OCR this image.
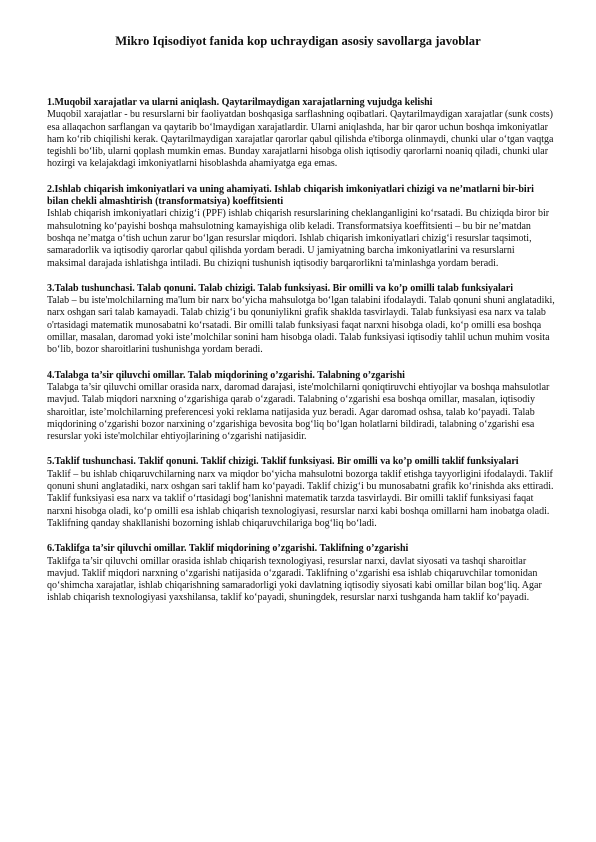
Mikro Iqisodiyot fanida kop uchraydigan asosiy savollarga javoblar

1.Muqobil xarajatlar va ularni aniqlash. Qaytarilmaydigan xarajatlarning vujudga kelishi

Muqobil xarajatlar - bu resurslarni bir faoliyatdan boshqasiga sarflashning oqibatlari. Qaytarilmaydigan xarajatlar (sunk costs) esa allaqachon sarflangan va qaytarib bo‘lmaydigan xarajatlardir. Ularni aniqlashda, har bir qaror uchun boshqa imkoniyatlar ham ko‘rib chiqilishi kerak. Qaytarilmaydigan xarajatlar qarorlar qabul qilishda e'tiborga olinmaydi, chunki ular o‘tgan vaqtga tegishli bo‘lib, ularni qoplash mumkin emas. Bunday xarajatlarni hisobga olish iqtisodiy qarorlarni noaniq qiladi, chunki ular hozirgi va kelajakdagi imkoniyatlarni hisoblashda ahamiyatga ega emas.

2.Ishlab chiqarish imkoniyatlari va uning ahamiyati. Ishlab chiqarish imkoniyatlari chizigi va ne’matlarni bir-biri bilan chekli almashtirish (transformatsiya) koeffitsienti

Ishlab chiqarish imkoniyatlari chizig‘i (PPF) ishlab chiqarish resurslarining cheklanganligini ko‘rsatadi. Bu chiziqda biror bir mahsulotning ko‘payishi boshqa mahsulotning kamayishiga olib keladi. Transformatsiya koeffitsienti – bu bir ne’matdan boshqa ne’matga o‘tish uchun zarur bo‘lgan resurslar miqdori. Ishlab chiqarish imkoniyatlari chizig‘i resurslar taqsimoti, samaradorlik va iqtisodiy qarorlar qabul qilishda yordam beradi. U jamiyatning barcha imkoniyatlarini va resurslarni maksimal darajada ishlatishga intiladi. Bu chiziqni tushunish iqtisodiy barqarorlikni ta'minlashga yordam beradi.

3.Talab tushunchasi. Talab qonuni. Talab chizigi. Talab funksiyasi. Bir omilli va ko’p omilli talab funksiyalari

Talab – bu iste'molchilarning ma'lum bir narx bo‘yicha mahsulotga bo‘lgan talabini ifodalaydi. Talab qonuni shuni anglatadiki, narx oshgan sari talab kamayadi. Talab chizig‘i bu qonuniylikni grafik shaklda tasvirlaydi. Talab funksiyasi esa narx va talab o'rtasidagi matematik munosabatni ko‘rsatadi. Bir omilli talab funksiyasi faqat narxni hisobga oladi, ko‘p omilli esa boshqa omillar, masalan, daromad yoki iste’molchilar sonini ham hisobga oladi. Talab funksiyasi iqtisodiy tahlil uchun muhim vosita bo‘lib, bozor sharoitlarini tushunishga yordam beradi.

4.Talabga ta’sir qiluvchi omillar. Talab miqdorining o’zgarishi. Talabning o’zgarishi

Talabga ta’sir qiluvchi omillar orasida narx, daromad darajasi, iste'molchilarni qoniqtiruvchi ehtiyojlar va boshqa mahsulotlar mavjud. Talab miqdori narxning o‘zgarishiga qarab o‘zgaradi. Talabning o‘zgarishi esa boshqa omillar, masalan, iqtisodiy sharoitlar, iste’molchilarning preferencesi yoki reklama natijasida yuz beradi. Agar daromad oshsa, talab ko‘payadi. Talab miqdorining o‘zgarishi bozor narxining o‘zgarishiga bevosita bog‘liq bo‘lgan holatlarni bildiradi, talabning o‘zgarishi esa resurslar yoki iste'molchilar ehtiyojlarining o‘zgarishi natijasidir.

5.Taklif tushunchasi. Taklif qonuni. Taklif chizigi. Taklif funksiyasi. Bir omilli va ko’p omilli taklif funksiyalari

Taklif – bu ishlab chiqaruvchilarning narx va miqdor bo‘yicha mahsulotni bozorga taklif etishga tayyorligini ifodalaydi. Taklif qonuni shuni anglatadiki, narx oshgan sari taklif ham ko‘payadi. Taklif chizig‘i bu munosabatni grafik ko‘rinishda aks ettiradi. Taklif funksiyasi esa narx va taklif o‘rtasidagi bog‘lanishni matematik tarzda tasvirlaydi. Bir omilli taklif funksiyasi faqat narxni hisobga oladi, ko‘p omilli esa ishlab chiqarish texnologiyasi, resurslar narxi kabi boshqa omillarni ham inobatga oladi. Taklifning qanday shakllanishi bozorning ishlab chiqaruvchilariga bog‘liq bo‘ladi.

6.Taklifga ta’sir qiluvchi omillar. Taklif miqdorining o’zgarishi. Taklifning o’zgarishi

Taklifga ta’sir qiluvchi omillar orasida ishlab chiqarish texnologiyasi, resurslar narxi, davlat siyosati va tashqi sharoitlar mavjud. Taklif miqdori narxning o‘zgarishi natijasida o‘zgaradi. Taklifning o‘zgarishi esa ishlab chiqaruvchilar tomonidan qo‘shimcha xarajatlar, ishlab chiqarishning samaradorligi yoki davlatning iqtisodiy siyosati kabi omillar bilan bog‘liq. Agar ishlab chiqarish texnologiyasi yaxshilansa, taklif ko‘payadi, shuningdek, resurslar narxi tushganda ham taklif ko‘payadi.
